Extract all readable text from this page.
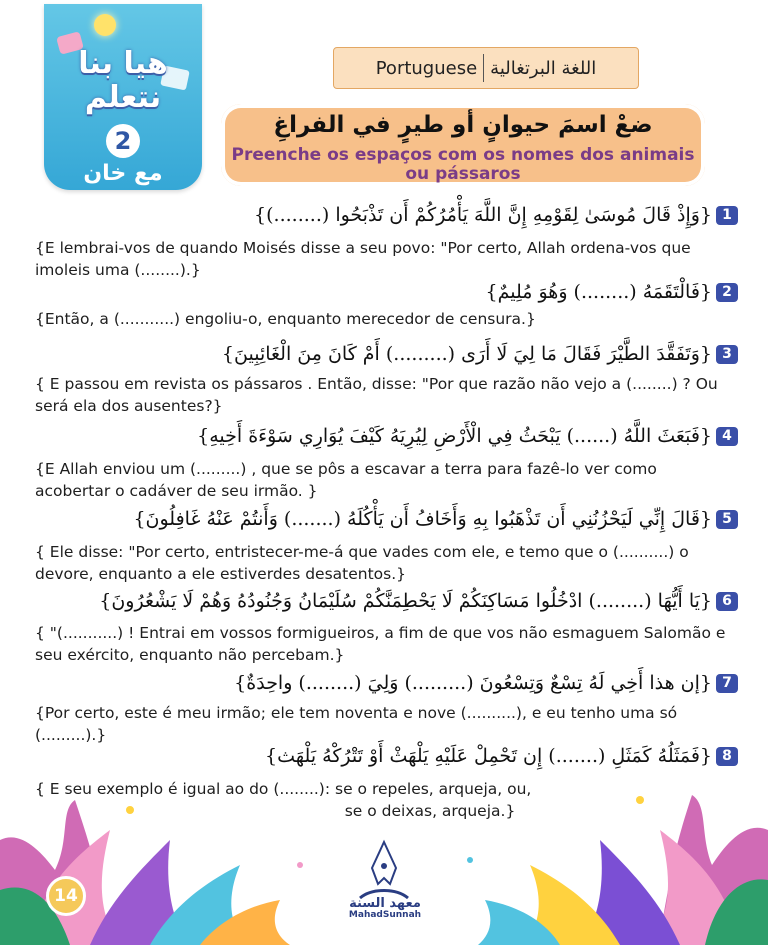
هيا بنا
نتعلم
2
مع خان
Portuguese اللغة البرتغالية
ضعْ اسمَ حيوانٍ أو طيرٍ في الفراغِ
Preenche os espaços com os nomes dos animais ou pássaros
1{وَإِذْ قَالَ مُوسَىٰ لِقَوْمِهِ إِنَّ اللَّهَ يَأْمُرُكُمْ أَن تَذْبَحُوا (........)}
{E lembrai-vos de quando Moisés disse a seu povo: "Por certo, Allah ordena-vos que imoleis uma (........).}
2{فَالْتَقَمَهُ (........) وَهُوَ مُلِيمٌ}
{Então, a (...........) engoliu-o, enquanto merecedor de censura.}
3{وَتَفَقَّدَ الطَّيْرَ فَقَالَ مَا لِيَ لَا أَرَى (.........) أَمْ كَانَ مِنَ الْغَائِبِينَ}
{ E passou em revista os pássaros . Então, disse: "Por que razão não vejo a (........) ? Ou será ela dos ausentes?}
4{فَبَعَثَ اللَّهُ (......) يَبْحَثُ فِي الْأَرْضِ لِيُرِيَهُ كَيْفَ يُوَارِي سَوْءَةَ أَخِيهِ}
{E Allah enviou um (.........) , que se pôs a escavar a terra para fazê-lo ver como acobertar o cadáver de seu irmão. }
5{قَالَ إِنِّي لَيَحْزُنُنِي أَن تَذْهَبُوا بِهِ وَأَخَافُ أَن يَأْكُلَهُ (.......) وَأَنتُمْ عَنْهُ غَافِلُونَ}
{ Ele disse: "Por certo, entristecer-me-á que vades com ele, e temo que o (..........) o devore, enquanto a ele estiverdes desatentos.}
6{يَا أَيُّهَا (........) ادْخُلُوا مَسَاكِنَكُمْ لَا يَحْطِمَنَّكُمْ سُلَيْمَانُ وَجُنُودُهُ وَهُمْ لَا يَشْعُرُونَ}
{ "(...........) ! Entrai em vossos formigueiros, a fim de que vos não esmaguem Salomão e seu exército, enquanto não percebam.}
7{إن هذا أَخِي لَهُ تِسْعٌ وَتِسْعُونَ (.........) وَلِيَ (........) واحِدَةٌ}
{Por certo, este é meu irmão; ele tem noventa e nove (..........), e eu tenho uma só (.........).}
8{فَمَثَلُهُ كَمَثَلِ (.......) إِن تَحْمِلْ عَلَيْهِ يَلْهَثْ أَوْ تَتْرُكْهُ يَلْهَث}
{ E seu exemplo é igual ao do (........): se o repeles, arqueja, ou,
se o deixas, arqueja.}
معهد السنة
MahadSunnah
14
